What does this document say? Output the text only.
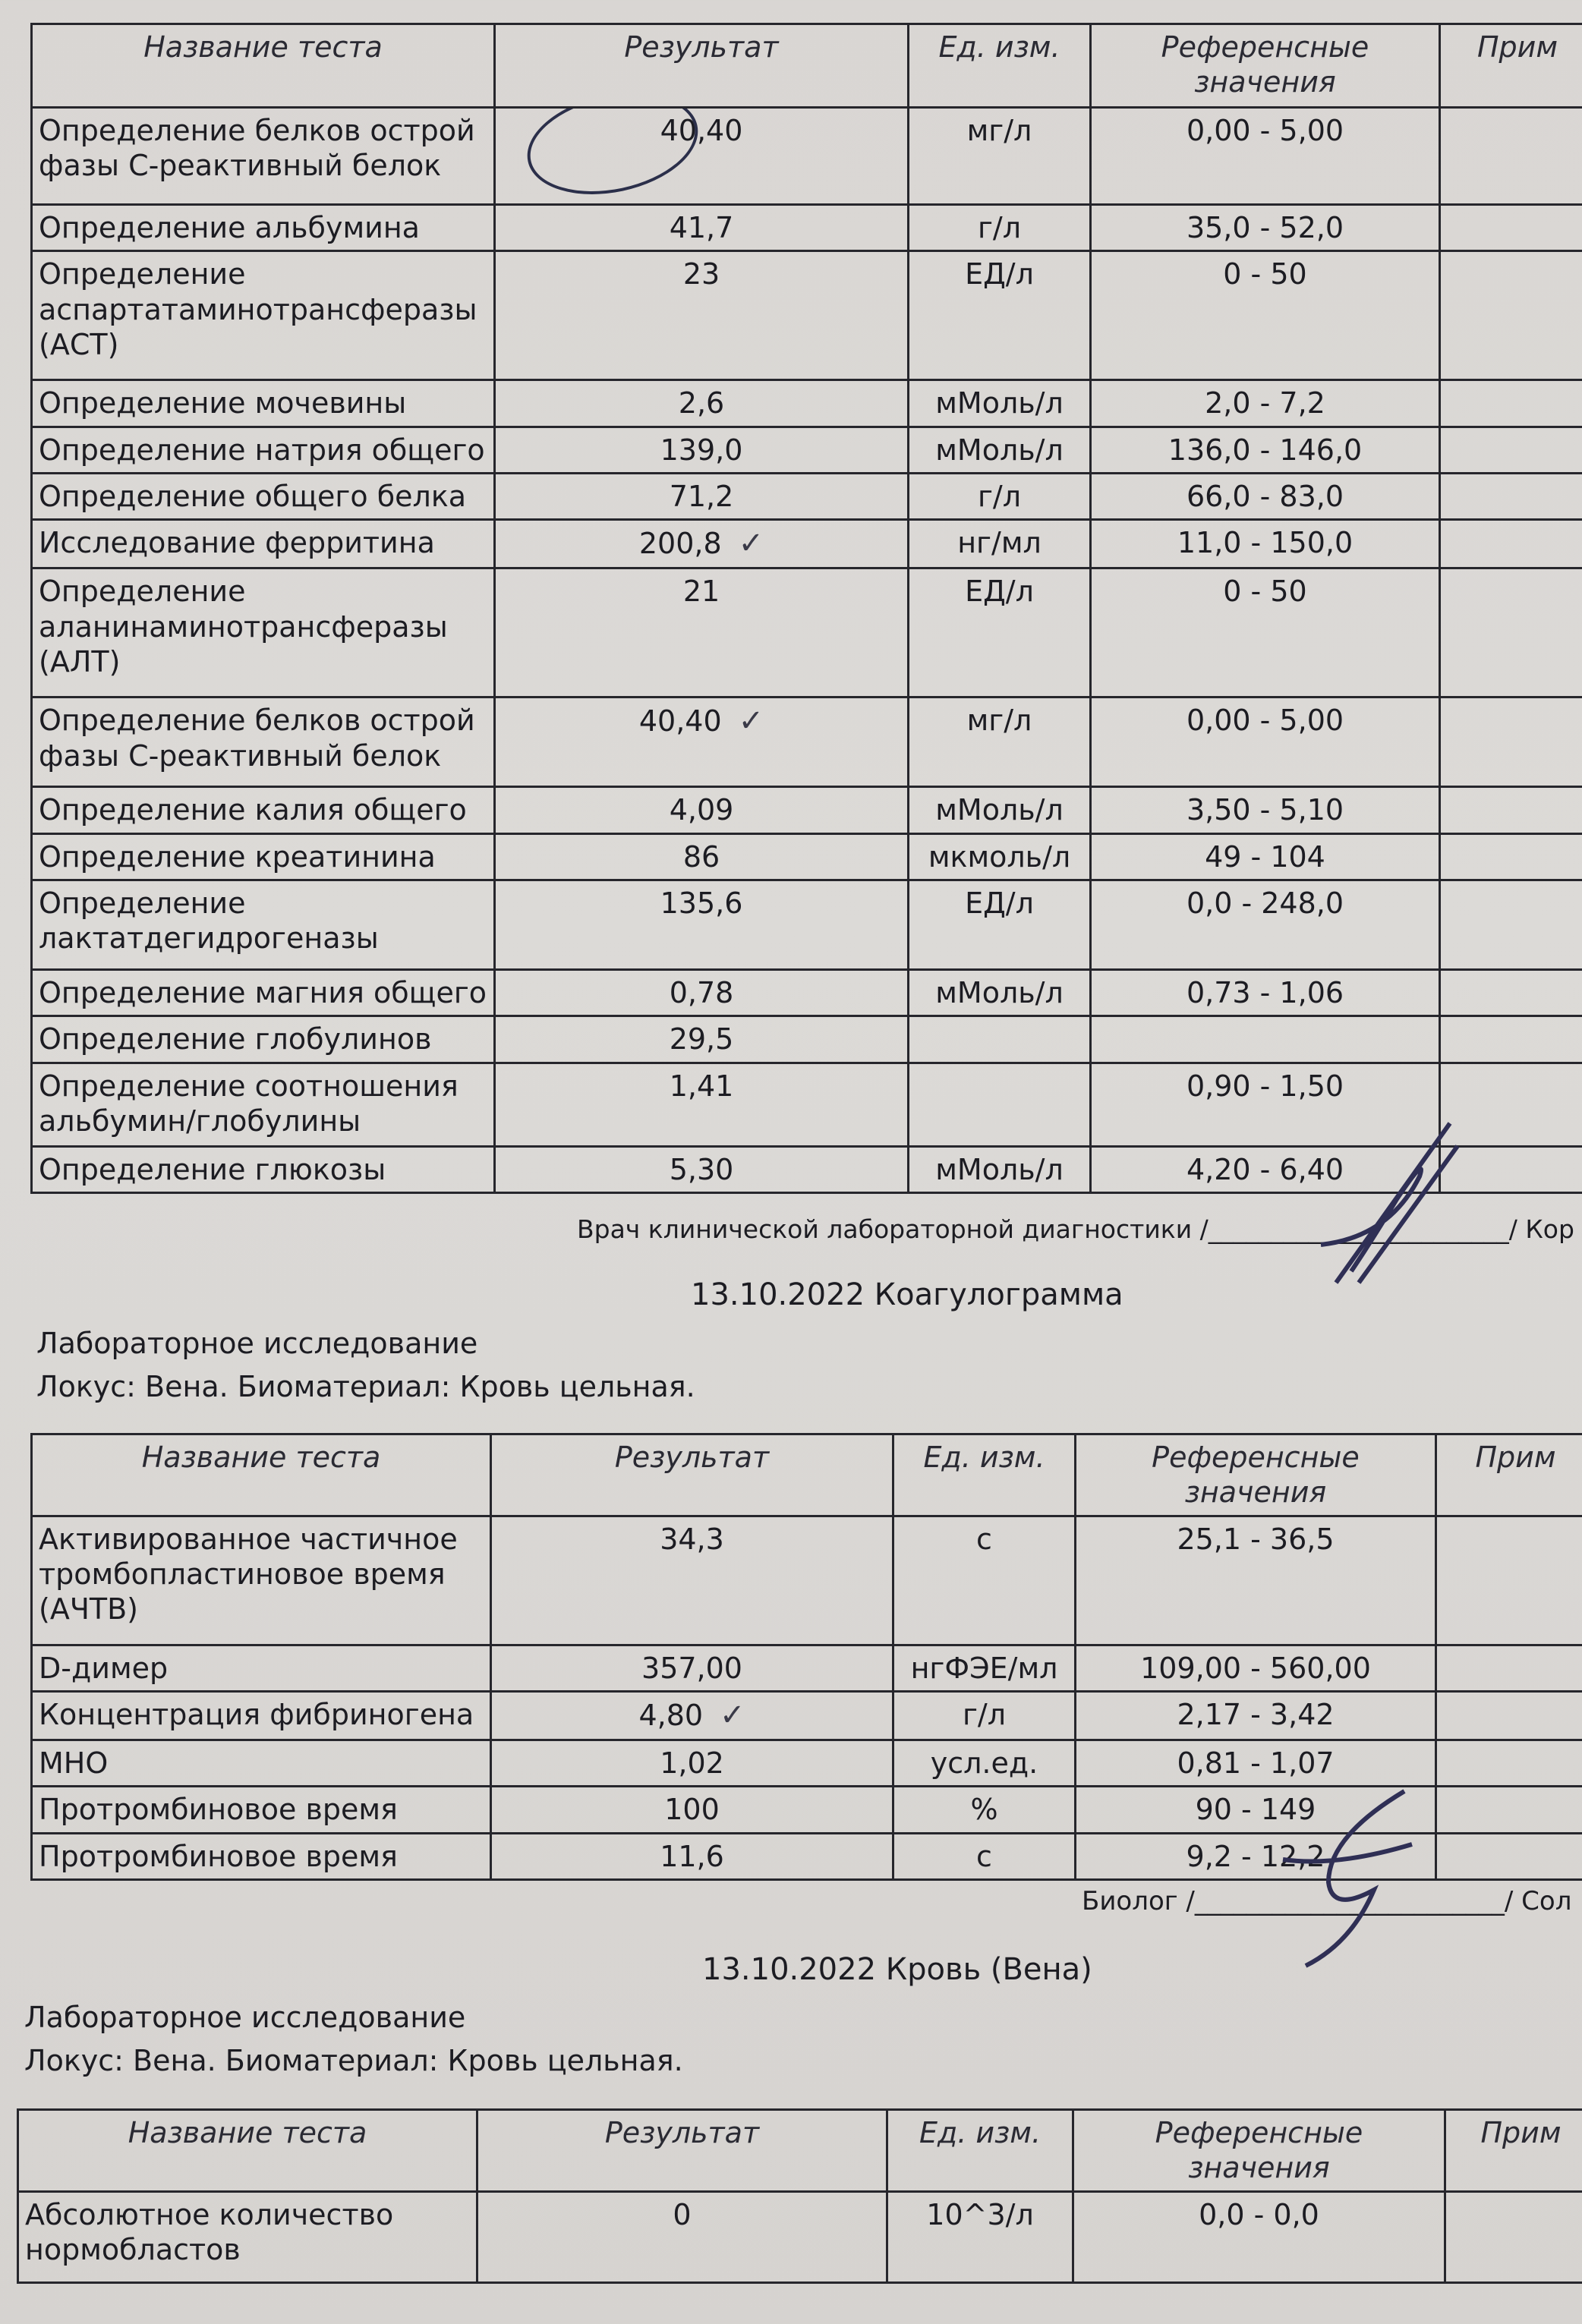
Название теста	Результат	Ед. изм.	Референсные значения	Прим
Определение белков острой фазы С-реактивный белок	40,40	мг/л	0,00 - 5,00	
Определение альбумина	41,7	г/л	35,0 - 52,0	
Определение аспартатаминотрансферазы (АСТ)	23	ЕД/л	0 - 50	
Определение мочевины	2,6	мМоль/л	2,0 - 7,2	
Определение натрия общего	139,0	мМоль/л	136,0 - 146,0	
Определение общего белка	71,2	г/л	66,0 - 83,0	
Исследование ферритина	200,8 ✓	нг/мл	11,0 - 150,0	
Определение аланинаминотрансферазы (АЛТ)	21	ЕД/л	0 - 50	
Определение белков острой фазы С-реактивный белок	40,40 ✓	мг/л	0,00 - 5,00	
Определение калия общего	4,09	мМоль/л	3,50 - 5,10	
Определение креатинина	86	мкмоль/л	49 - 104	
Определение лактатдегидрогеназы	135,6	ЕД/л	0,0 - 248,0	
Определение магния общего	0,78	мМоль/л	0,73 - 1,06	
Определение глобулинов	29,5			
Определение соотношения альбумин/глобулины	1,41		0,90 - 1,50	
Определение глюкозы	5,30	мМоль/л	4,20 - 6,40	
Врач клинической лабораторной диагностики /________________________/ Кор
13.10.2022 Коагулограмма
Лабораторное исследование
Локус: Вена. Биоматериал: Кровь цельная.
Название теста	Результат	Ед. изм.	Референсные значения	Прим
Активированное частичное тромбопластиновое время (АЧТВ)	34,3	с	25,1 - 36,5	
D-димер	357,00	нгФЭЕ/мл	109,00 - 560,00	
Концентрация фибриногена	4,80 ✓	г/л	2,17 - 3,42	
МНО	1,02	усл.ед.	0,81 - 1,07	
Протромбиновое время	100	%	90 - 149	
Протромбиновое время	11,6	с	9,2 - 12,2	
Биолог /________________________/ Сол
13.10.2022 Кровь (Вена)
Лабораторное исследование
Локус: Вена. Биоматериал: Кровь цельная.
Название теста	Результат	Ед. изм.	Референсные значения	Прим
Абсолютное количество нормобластов	0	10^3/л	0,0 - 0,0	
